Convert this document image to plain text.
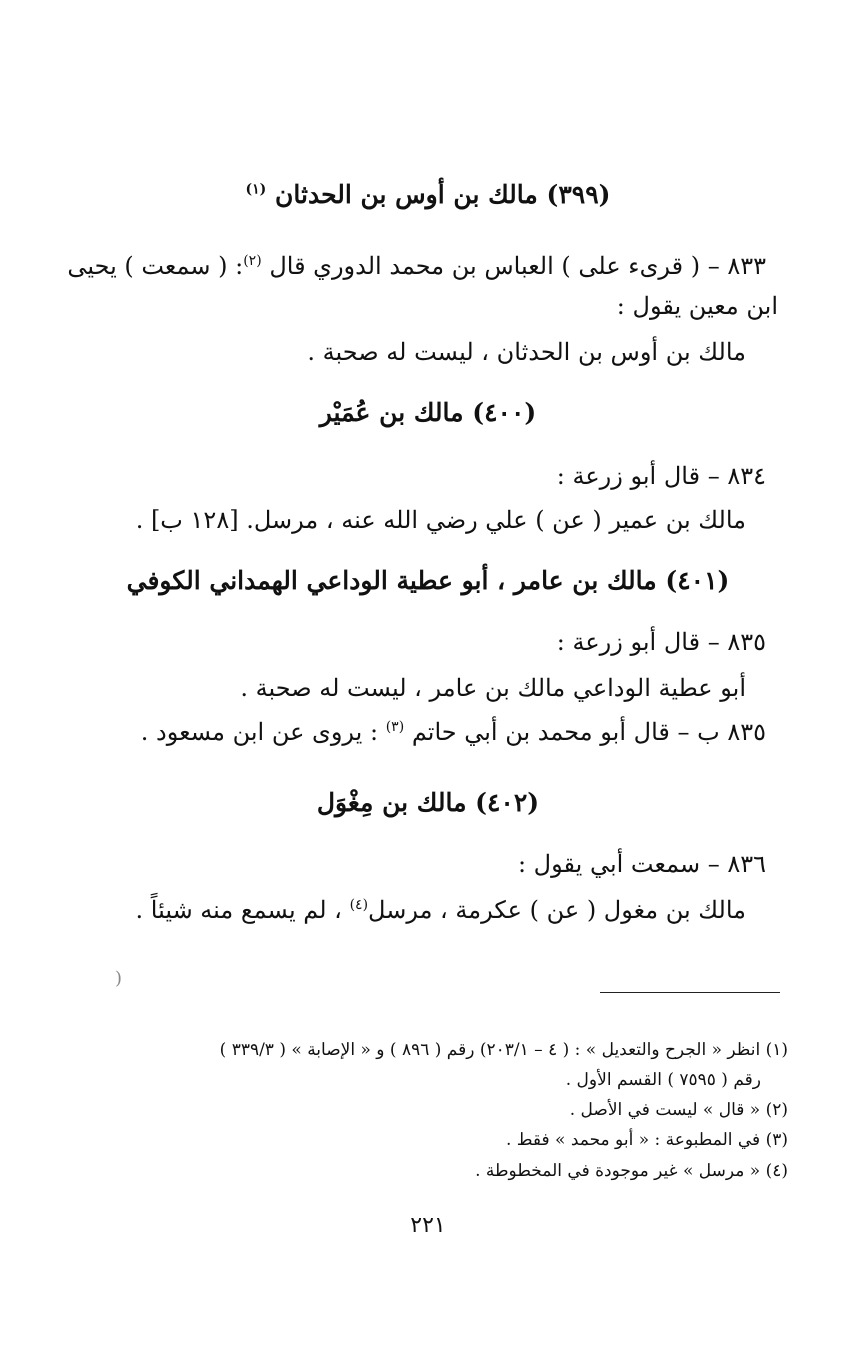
(٣٩٩) مالك بن أوس بن الحدثان $^{(١)}$
٨٣٣ – ( قرىء على ) العباس بن محمد الدوري قال $^{(٢)}$: ( سمعت ) يحيى
ابن معين يقول :
مالك بن أوس بن الحدثان ، ليست له صحبة .
(٤٠٠) مالك بن عُمَيْر
٨٣٤ – قال أبو زرعة :
مالك بن عمير ( عن ) علي رضي الله عنه ، مرسل. [١٢٨ ب] .
(٤٠١) مالك بن عامر ، أبو عطية الوداعي الهمداني الكوفي
٨٣٥ – قال أبو زرعة :
أبو عطية الوداعي مالك بن عامر ، ليست له صحبة .
٨٣٥ ب – قال أبو محمد بن أبي حاتم $^{(٣)}$ : يروى عن ابن مسعود .
(٤٠٢) مالك بن مِغْوَل
٨٣٦ – سمعت أبي يقول :
مالك بن مغول ( عن ) عكرمة ، مرسل$^{(٤)}$ ، لم يسمع منه شيئاً .
(
(١) انظر « الجرح والتعديل » : ( ٤ – ٢٠٣/١) رقم ( ٨٩٦ ) و « الإصابة » ( ٣٣٩/٣ )
رقم ( ٧٥٩٥ ) القسم الأول .
(٢) « قال » ليست في الأصل .
(٣) في المطبوعة : « أبو محمد » فقط .
(٤) « مرسل » غير موجودة في المخطوطة .
٢٢١
